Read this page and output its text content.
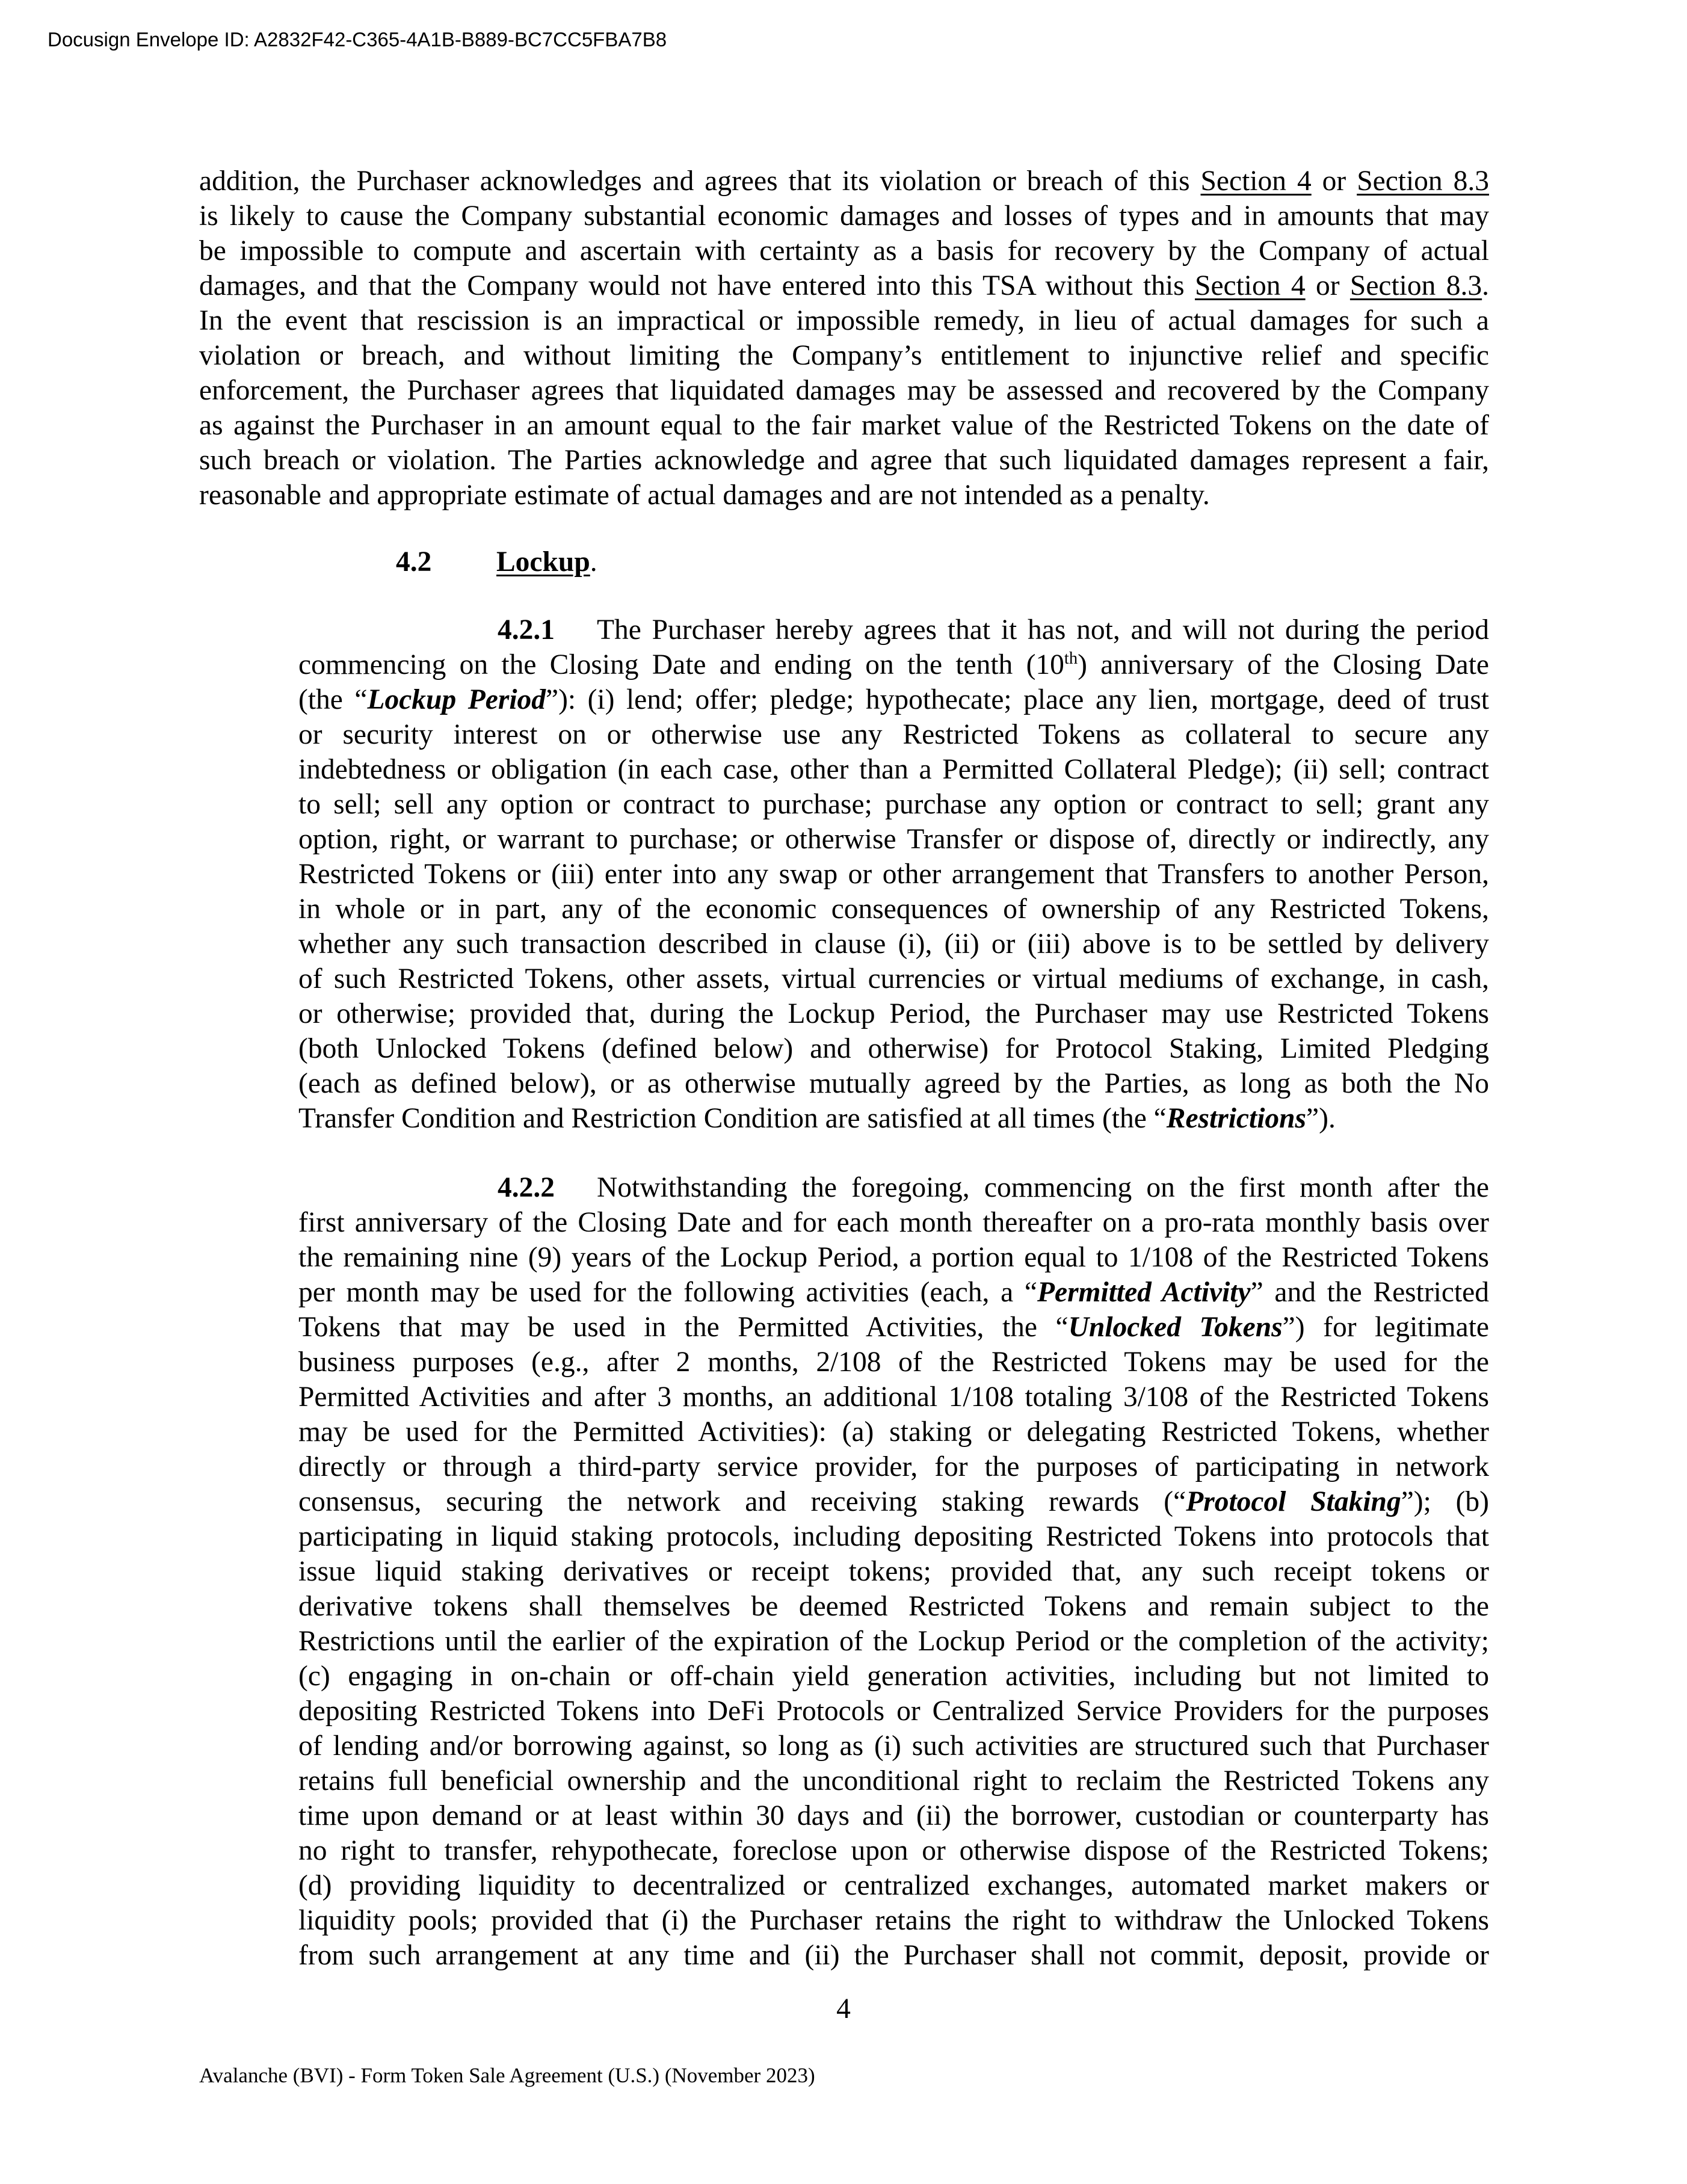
Docusign Envelope ID: A2832F42-C365-4A1B-B889-BC7CC5FBA7B8
addition, the Purchaser acknowledges and agrees that its violation or breach of this Section 4 or Section 8.3
is likely to cause the Company substantial economic damages and losses of types and in amounts that may
be impossible to compute and ascertain with certainty as a basis for recovery by the Company of actual
damages, and that the Company would not have entered into this TSA without this Section 4 or Section 8.3.
In the event that rescission is an impractical or impossible remedy, in lieu of actual damages for such a
violation or breach, and without limiting the Company’s entitlement to injunctive relief and specific
enforcement, the Purchaser agrees that liquidated damages may be assessed and recovered by the Company
as against the Purchaser in an amount equal to the fair market value of the Restricted Tokens on the date of
such breach or violation. The Parties acknowledge and agree that such liquidated damages represent a fair,
reasonable and appropriate estimate of actual damages and are not intended as a penalty.
4.2 Lockup.
4.2.1 The Purchaser hereby agrees that it has not, and will not during the period
commencing on the Closing Date and ending on the tenth (10th) anniversary of the Closing Date
(the “Lockup Period”): (i) lend; offer; pledge; hypothecate; place any lien, mortgage, deed of trust
or security interest on or otherwise use any Restricted Tokens as collateral to secure any
indebtedness or obligation (in each case, other than a Permitted Collateral Pledge); (ii) sell; contract
to sell; sell any option or contract to purchase; purchase any option or contract to sell; grant any
option, right, or warrant to purchase; or otherwise Transfer or dispose of, directly or indirectly, any
Restricted Tokens or (iii) enter into any swap or other arrangement that Transfers to another Person,
in whole or in part, any of the economic consequences of ownership of any Restricted Tokens,
whether any such transaction described in clause (i), (ii) or (iii) above is to be settled by delivery
of such Restricted Tokens, other assets, virtual currencies or virtual mediums of exchange, in cash,
or otherwise; provided that, during the Lockup Period, the Purchaser may use Restricted Tokens
(both Unlocked Tokens (defined below) and otherwise) for Protocol Staking, Limited Pledging
(each as defined below), or as otherwise mutually agreed by the Parties, as long as both the No
Transfer Condition and Restriction Condition are satisfied at all times (the “Restrictions”).
4.2.2 Notwithstanding the foregoing, commencing on the first month after the
first anniversary of the Closing Date and for each month thereafter on a pro-rata monthly basis over
the remaining nine (9) years of the Lockup Period, a portion equal to 1/108 of the Restricted Tokens
per month may be used for the following activities (each, a “Permitted Activity” and the Restricted
Tokens that may be used in the Permitted Activities, the “Unlocked Tokens”) for legitimate
business purposes (e.g., after 2 months, 2/108 of the Restricted Tokens may be used for the
Permitted Activities and after 3 months, an additional 1/108 totaling 3/108 of the Restricted Tokens
may be used for the Permitted Activities): (a) staking or delegating Restricted Tokens, whether
directly or through a third-party service provider, for the purposes of participating in network
consensus, securing the network and receiving staking rewards (“Protocol Staking”); (b)
participating in liquid staking protocols, including depositing Restricted Tokens into protocols that
issue liquid staking derivatives or receipt tokens; provided that, any such receipt tokens or
derivative tokens shall themselves be deemed Restricted Tokens and remain subject to the
Restrictions until the earlier of the expiration of the Lockup Period or the completion of the activity;
(c) engaging in on-chain or off-chain yield generation activities, including but not limited to
depositing Restricted Tokens into DeFi Protocols or Centralized Service Providers for the purposes
of lending and/or borrowing against, so long as (i) such activities are structured such that Purchaser
retains full beneficial ownership and the unconditional right to reclaim the Restricted Tokens any
time upon demand or at least within 30 days and (ii) the borrower, custodian or counterparty has
no right to transfer, rehypothecate, foreclose upon or otherwise dispose of the Restricted Tokens;
(d) providing liquidity to decentralized or centralized exchanges, automated market makers or
liquidity pools; provided that (i) the Purchaser retains the right to withdraw the Unlocked Tokens
from such arrangement at any time and (ii) the Purchaser shall not commit, deposit, provide or
4
Avalanche (BVI) - Form Token Sale Agreement (U.S.) (November 2023)
